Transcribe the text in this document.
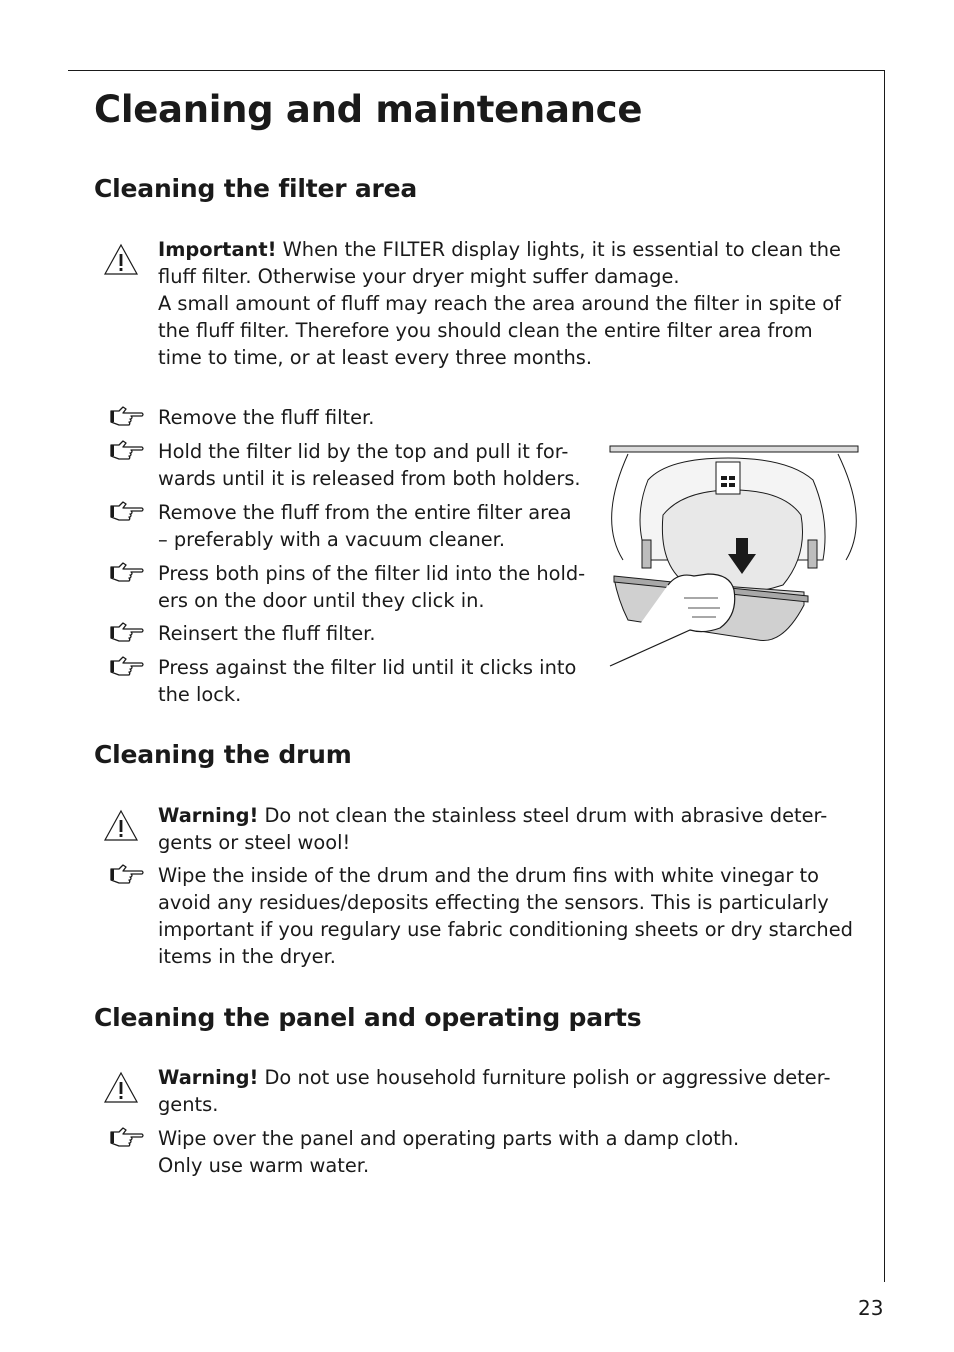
Cleaning and maintenance
Cleaning the filter area

Important! When the FILTER display lights, it is essential to clean the fluff filter. Otherwise your dryer might suffer damage.

A small amount of fluff may reach the area around the filter in spite of the fluff filter. Therefore you should clean the entire filter area from time to time, or at least every three months.

Remove the fluff filter.

Hold the filter lid by the top and pull it for-
wards until it is released from both holders.

Remove the fluff from the entire filter area
– preferably with a vacuum cleaner.

Press both pins of the filter lid into the hold-
ers on the door until they click in.

Reinsert the fluff filter.

Press against the filter lid until it clicks into
the lock.

Cleaning the drum
Warning! Do not clean the stainless steel drum with abrasive deter-
gents or steel wool!

Wipe the inside of the drum and the drum fins with white vinegar to
avoid any residues/deposits effecting the sensors. This is particularly
important if you regulary use fabric conditioning sheets or dry starched
items in the dryer.

Cleaning the panel and operating parts
Warning! Do not use household furniture polish or aggressive deter-
gents.

Wipe over the panel and operating parts with a damp cloth.
Only use warm water.

23
